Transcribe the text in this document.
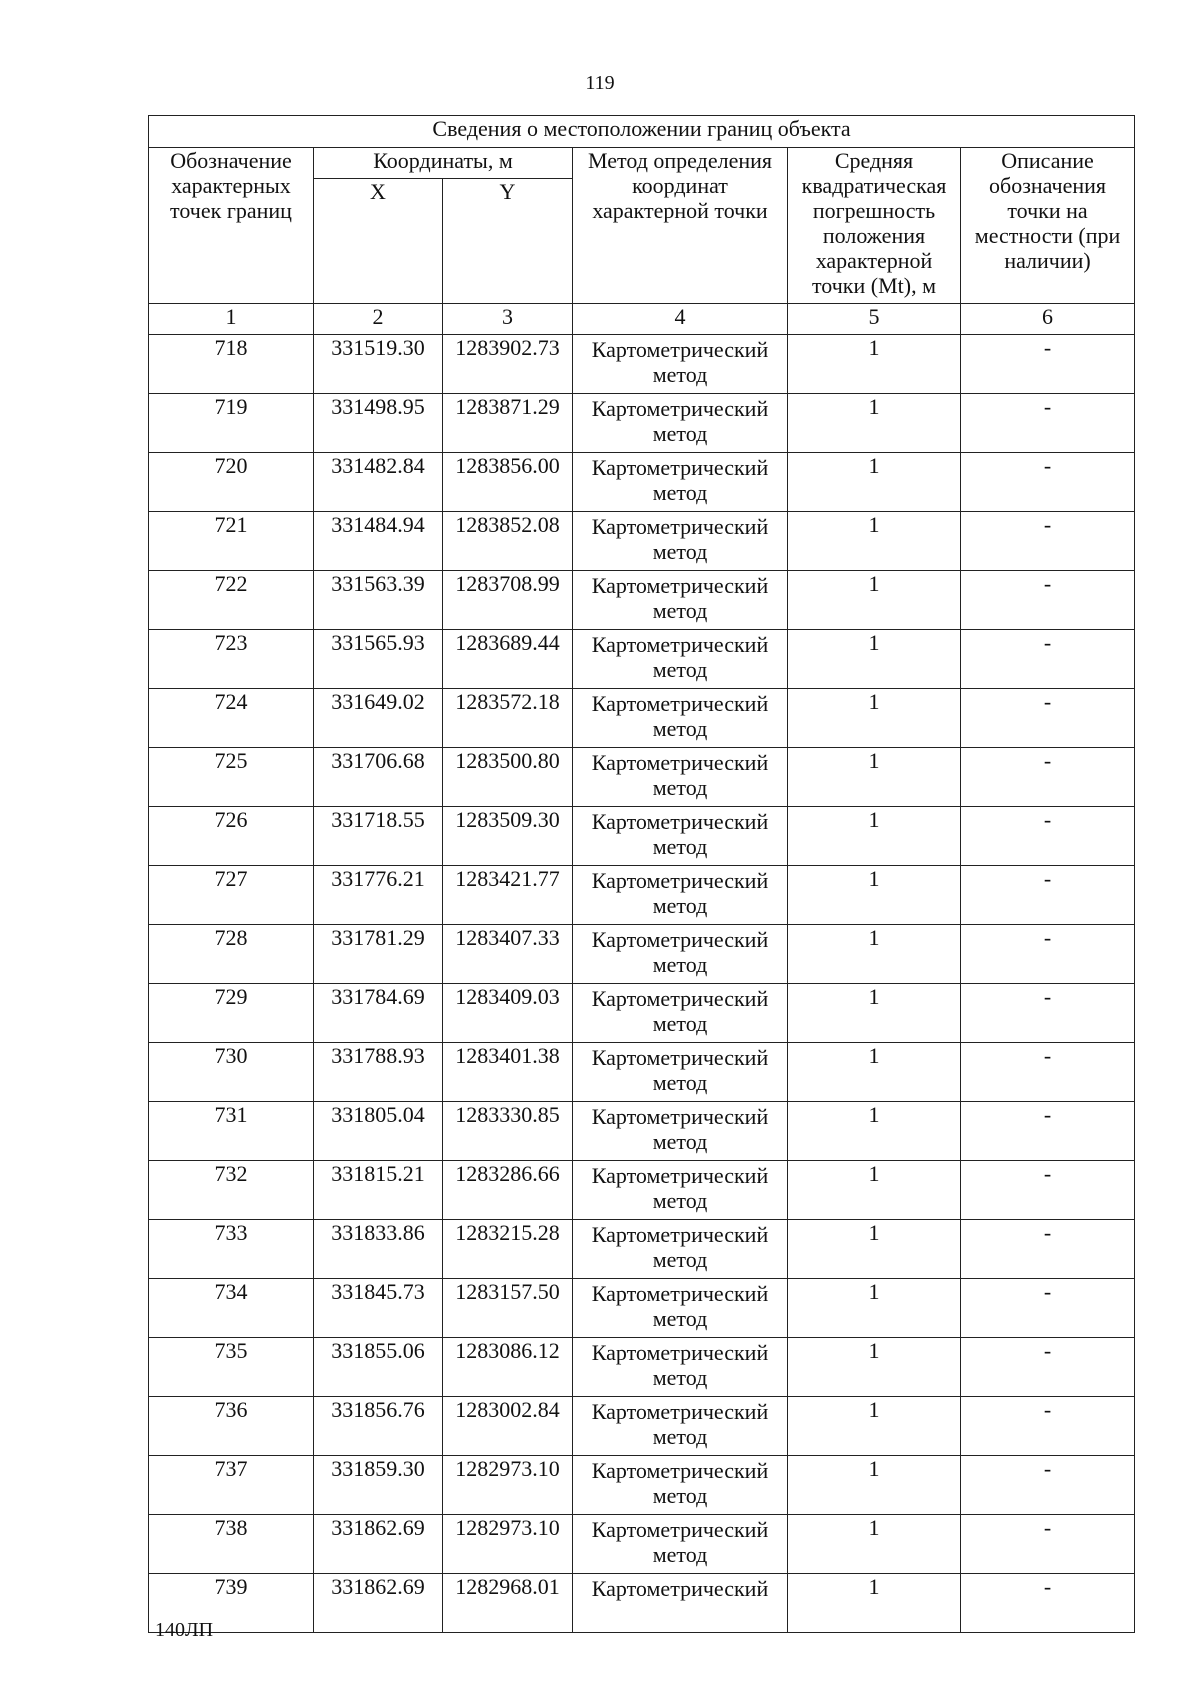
119
Сведения о местоположении границ объекта					
Обозначение характерных точек границ	Координаты, м		Метод определения координат характерной точки	Средняя квадратическая погрешность положения характерной точки (Mt), м	Описание обозначения точки на местности (при наличии)
	X	Y			
1	2	3	4	5	6
718	331519.30	1283902.73	Картометрический метод	1	-
719	331498.95	1283871.29	Картометрический метод	1	-
720	331482.84	1283856.00	Картометрический метод	1	-
721	331484.94	1283852.08	Картометрический метод	1	-
722	331563.39	1283708.99	Картометрический метод	1	-
723	331565.93	1283689.44	Картометрический метод	1	-
724	331649.02	1283572.18	Картометрический метод	1	-
725	331706.68	1283500.80	Картометрический метод	1	-
726	331718.55	1283509.30	Картометрический метод	1	-
727	331776.21	1283421.77	Картометрический метод	1	-
728	331781.29	1283407.33	Картометрический метод	1	-
729	331784.69	1283409.03	Картометрический метод	1	-
730	331788.93	1283401.38	Картометрический метод	1	-
731	331805.04	1283330.85	Картометрический метод	1	-
732	331815.21	1283286.66	Картометрический метод	1	-
733	331833.86	1283215.28	Картометрический метод	1	-
734	331845.73	1283157.50	Картометрический метод	1	-
735	331855.06	1283086.12	Картометрический метод	1	-
736	331856.76	1283002.84	Картометрический метод	1	-
737	331859.30	1282973.10	Картометрический метод	1	-
738	331862.69	1282973.10	Картометрический метод	1	-
739	331862.69	1282968.01	Картометрический	1	-
140ЛП
